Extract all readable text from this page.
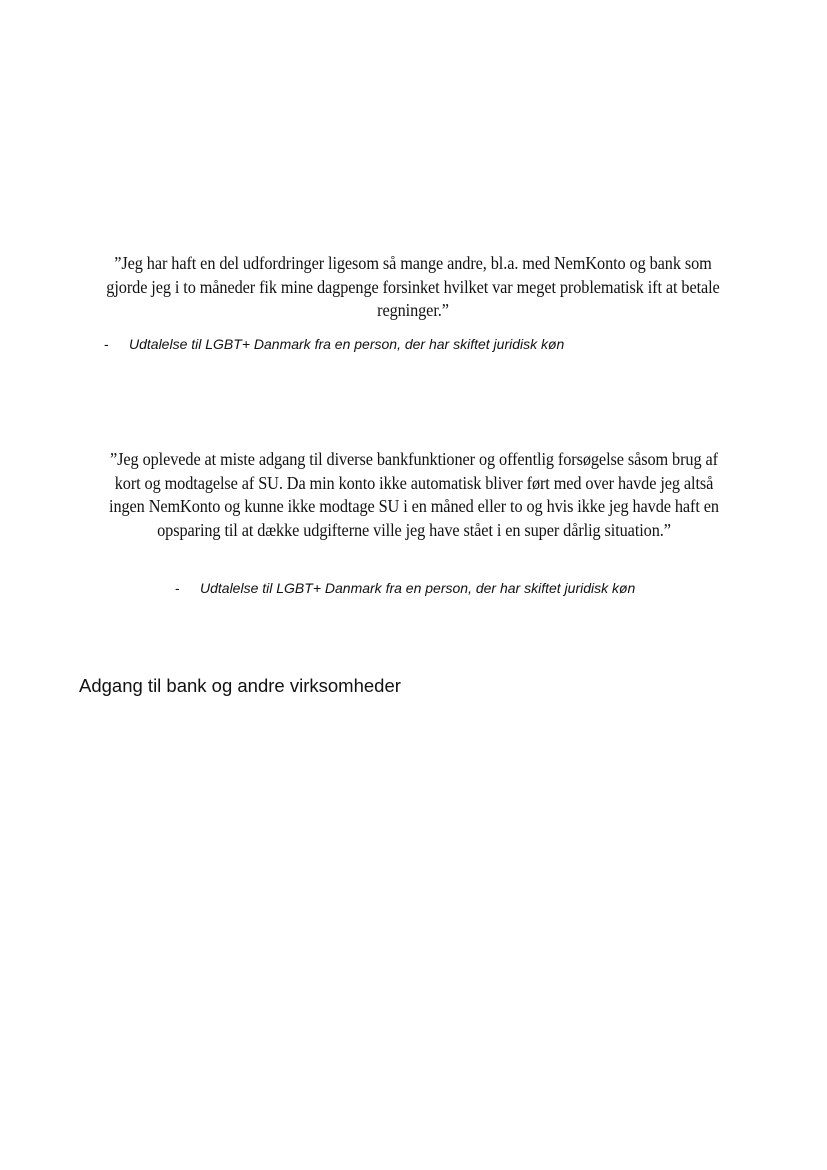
”Jeg har haft en del udfordringer ligesom så mange andre, bl.a. med NemKonto og bank som gjorde jeg i to måneder fik mine dagpenge forsinket hvilket var meget problematisk ift at betale regninger.”
- Udtalelse til LGBT+ Danmark fra en person, der har skiftet juridisk køn
”Jeg oplevede at miste adgang til diverse bankfunktioner og offentlig forsøgelse såsom brug af kort og modtagelse af SU. Da min konto ikke automatisk bliver ført med over havde jeg altså ingen NemKonto og kunne ikke modtage SU i en måned eller to og hvis ikke jeg havde haft en opsparing til at dække udgifterne ville jeg have stået i en super dårlig situation.”
- Udtalelse til LGBT+ Danmark fra en person, der har skiftet juridisk køn
Adgang til bank og andre virksomheder
